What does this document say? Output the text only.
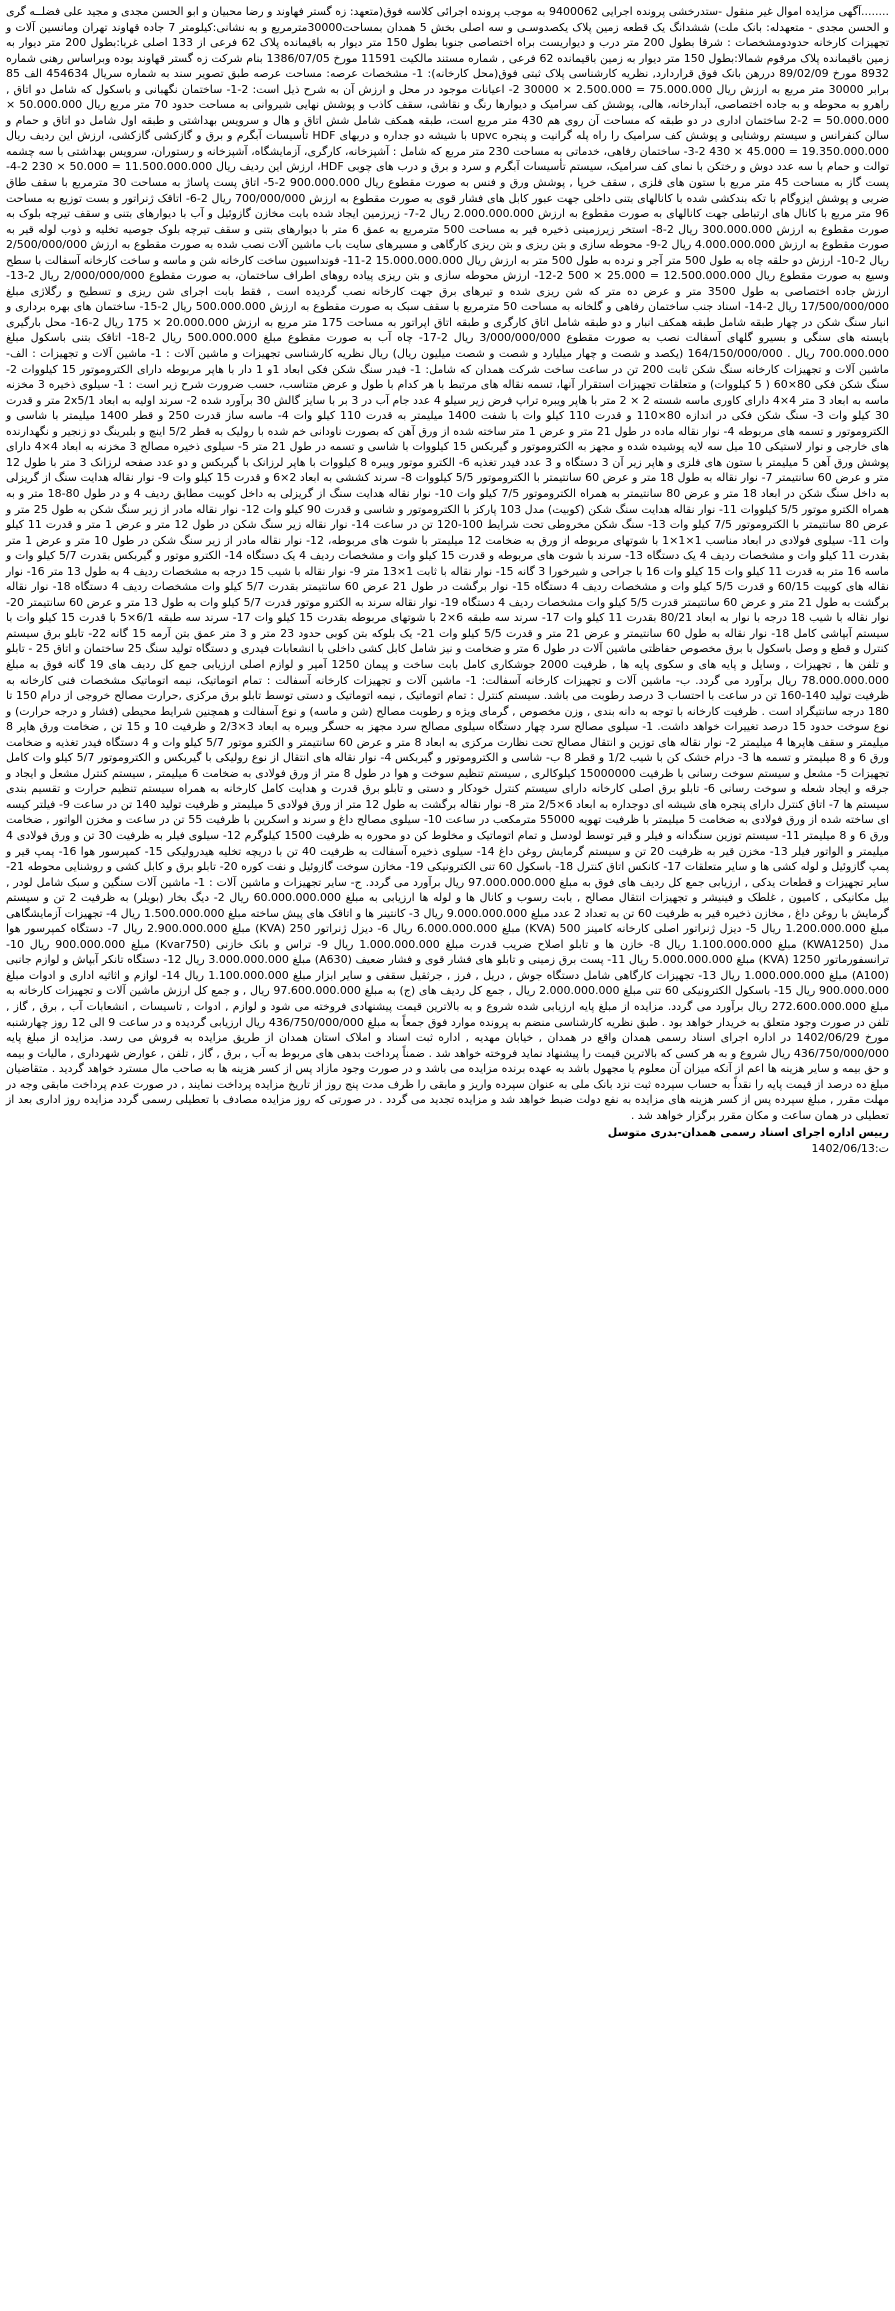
........آگهی مزایده اموال غیر منقول -ستدرخشی پرونده اجرایی 9400062 به موجب پرونده اجرائی کلاسه فوق(متعهد: زه گستر فهاوند و رضا محبیان و ابو الحسن مجدی و مجید علی فضلــه گری و الحسن مجدی - متعهدله: بانک ملت) ششدانگ یک قطعه زمین پلاک یکصدوسـی و سه اصلی بخش 5 همدان بمساحت30000مترمربع و به نشانی:کیلومتر 7 جاده قهاوند تهران ومانسین آلات و تجهیزات کارخانه حدودومشخصات : شرقا بطول 200 متر درب و دیواریست براه اختصاصی جنوبا بطول 150 متر دیوار به باقیمانده پلاک 62 فرعی از 133 اصلی غربا:بطول 200 متر دیوار به زمین باقیمانده پلاک مرقوم شمالا:بطول 150 متر دیوار به زمین باقیمانده 62 فرعی , شماره مستند مالکیت 11591 مورخ 1386/07/05 بنام شرکت زه گستر قهاوند بوده وبراساس رهنی شماره 8932 مورخ 89/02/09 دررهن بانک فوق قراردارد, نظریه کارشناسی پلاک ثبتی فوق(محل کارخانه): 1- مشخصات عرصه: مساحت عرصه طبق تصویر سند به شماره سریال 454634 الف 85 برابر 30000 متر مربع به ارزش ریال 75.000.000 = 2.500.000 × 30000 2- اعیانات موجود در محل و ارزش آن به شرح ذیل است: 2-1- ساختمان نگهبانی و باسکول که شامل دو اتاق , راهرو به محوطه و به جاده اختصاصی، آبدارخانه، هالی، پوشش کف سرامیک و دیوارها رنگ و نقاشی، سقف کاذب و پوشش نهایی شیروانی به مساحت حدود 70 متر مربع ریال 50.000.000 × 50.000.000 = 2-2 ساختمان اداری در دو طبقه که مساحت آن روی هم 430 متر مربع است، طبقه همکف شامل شش اتاق و هال و سرویس بهداشتی و طبقه اول شامل دو اتاق و حمام و سالن کنفرانس و سیستم روشنایی و پوشش کف سرامیک را راه پله گرانیت و پنجره upvc با شیشه دو جداره و دربهای HDF تأسیسات آبگرم و برق و گازکشی گازکشی، ارزش این ردیف ریال 19.350.000.000 = 45.000 × 430 2-3- ساختمان رفاهی، خدماتی به مساحت 230 متر مربع که شامل : آشپزخانه، کارگری، آزمایشگاه، آشپزخانه و رستوران، سرویس بهداشتی با سه چشمه توالت و حمام با سه عدد دوش و رختکن با نمای کف سرامیک، سیستم تأسیسات آبگرم و سرد و برق و درب های چوبی HDF، ارزش این ردیف ریال 11.500.000.000 = 50.000 × 230 2-4- پست گاز به مساحت 45 متر مربع با ستون های فلزی , سقف خرپا , پوشش ورق و فنس به صورت مقطوع ریال 900.000.000 2-5- اتاق پست پاساژ به مساحت 30 مترمربع با سقف طاق ضربی و پوشش ایزوگام با تکه بندکشی شده با کانالهای بتنی داخلی جهت عبور کابل های فشار قوی به صورت مقطوع به ارزش 700/000/000 ریال 2-6- اتاقک ژنراتور و بست توزیع به مساحت 96 متر مربع با کانال های ارتباطی جهت کانالهای به صورت مقطوع به ارزش 2.000.000.000 ریال 2-7- زیرزمین ایجاد شده بابت مخازن گازوئیل و آب با دیوارهای بتنی و سقف تیرچه بلوک به صورت مقطوع به ارزش 300.000.000 ریال 2-8- استخر زیرزمینی ذخیره قیر به مساحت 500 مترمربع به عمق 6 متر با دیوارهای بتنی و سقف تیرچه بلوک جوصیه تخلیه و ذوب لوله قیر به صورت مقطوع به ارزش 4.000.000.000 ریال 2-9- محوطه سازی و بتن ریزی و بتن ریزی کارگاهی و مسیرهای سایت باب ماشین آلات نصب شده به صورت مقطوع به ارزش 2/500/000/000 ریال 2-10- ارزش دو حلقه چاه به طول 500 متر آجر و نرده به طول 500 متر به ارزش ریال 15.000.000.000 2-11- فونداسیون ساخت کارخانه شن و ماسه و ساخت کارخانه آسفالت با سطح وسیع به صورت مقطوع ریال 12.500.000.000 = 25.000 × 500 2-12- ارزش محوطه سازی و بتن ریزی پیاده روهای اطراف ساختمان، به صورت مقطوع 2/000/000/000 ریال 2-13- ارزش جاده اختصاصی به طول 3500 متر و عرض ده متر که شن ریزی شده و تیرهای برق جهت کارخانه نصب گردیده است , فقط بابت اجرای شن ریزی و تسطیح و رگلاژی مبلغ 17/500/000/000 ریال 2-14- اسناد جنب ساختمان رفاهی و گلخانه به مساحت 50 مترمربع با سقف سبک به صورت مقطوع به ارزش 500.000.000 ریال 2-15- ساختمان های بهره برداری و انبار سنگ شکن در چهار طبقه شامل طبقه همکف انبار و دو طبقه شامل اتاق کارگری و طبقه اتاق اپراتور به مساحت 175 متر مربع به ارزش 20.000.000 × 175 ریال 2-16- محل بارگیری بایسته های سنگی و بسیرو گلهای آسفالت نصب به صورت مقطوع 3/000/000/000 ریال 2-17- چاه آب به صورت مقطوع مبلغ 500.000.000 ریال 2-18- اتاقک بتنی باسکول مبلغ 700.000.000 ریال . 164/150/000/000 (یکصد و شصت و چهار میلیارد و شصت و شصت میلیون ریال) ریال نظریه کارشناسی تجهیزات و ماشین آلات : 1- ماشین آلات و تجهیزات : الف- ماشین آلات و تجهیزات کارخانه سنگ شکن ثابت 200 تن در ساعت ساخت شرکت همدان که شامل: 1- فیدر سنگ شکن فکی ابعاد 1و 1 دار با هاپر مربوطه دارای الکتروموتور 15 کیلووات 2- سنگ شکن فکی 80×60 ( 5 کیلووات) و متعلقات تجهیزات استقرار آنها، تسمه نقاله های مرتبط با هر کدام با طول و عرض متناسب، حسب ضرورت شرح زیر است : 1- سیلوی ذخیره 3 مخزنه ماسه به ابعاد 3 متر 4×4 دارای کاوری ماسه شسته 2 × 2 متر با هاپر ویبره تراپ فرض زیر سیلو 4 عدد جام آب در 3 بر با سایز گالش 30 برآورد شده 2- سرند اولیه به ابعاد 2x5/1 متر و قدرت 30 کیلو وات 3- سنگ شکن فکی در اندازه 80×110 و قدرت 110 کیلو وات با شفت 1400 میلیمتر به قدرت 110 کیلو وات 4- ماسه ساز قدرت 250 و قطر 1400 میلیمتر با شاسی و الکتروموتور و تسمه های مربوطه 4- نوار نقاله ماده در طول 21 متر و عرض 1 متر ساخته شده از ورق آهن که بصورت ناودانی خم شده با رولیک به قطر 5/2 اینچ و بلبرینگ دو زنجیر و نگهدارنده های خارجی و نوار لاستیکی 10 میل سه لایه پوشیده شده و مجهز به الکتروموتور و گیربکس 15 کیلووات با شاسی و تسمه در طول 21 متر 5- سیلوی ذخیره مصالح 3 مخزنه به ابعاد 4×4 دارای پوشش ورق آهن 5 میلیمتر با ستون های فلزی و هاپر زیر آن 3 دستگاه و 3 عدد فیدر تغذیه 6- الکترو موتور ویبره 8 کیلووات با هاپر لرزانک با گیربکس و دو عدد صفحه لرزانک 3 متر با طول 12 متر و عرض 60 سانتیمتر 7- نوار نقاله به طول 18 متر و عرض 60 سانتیمتر با الکتروموتور 5/5 کیلووات 8- سرند کششی به ابعاد 2×6 و قدرت 15 کیلو وات 9- نوار نقاله هدایت سنگ از گریزلی به داخل سنگ شکن در ابعاد 18 متر و عرض 80 سانتیمتر به همراه الکتروموتور 7/5 کیلو وات 10- نوار نقاله هدایت سنگ از گریزلی به داخل کوبیت مطابق ردیف 4 و در طول 80-18 متر و به همراه الکترو موتور 5/5 کیلووات 11- نوار نقاله هدایت سنگ شکن (کوبیت) مدل 103 پارکز با الکتروموتور و شاسی و قدرت 90 کیلو وات 12- نوار نقاله مادر از زیر سنگ شکن به طول 25 متر و عرض 80 سانتیمتر با الکتروموتور 7/5 کیلو وات 13- سنگ شکن مخروطی تحت شرایط 100-120 تن در ساعت 14- نوار نقاله زیر سنگ شکن در طول 12 متر و عرض 1 متر و قدرت 11 کیلو وات 11- سیلوی فولادی در ابعاد مناسب 1×1×1 با شوتهای مربوطه از ورق به ضخامت 12 میلیمتر با شوت های مربوطه، 12- نوار نقاله مادر از زیر سنگ شکن در طول 10 متر و عرض 1 متر بقدرت 11 کیلو وات و مشخصات ردیف 4 یک دستگاه 13- سرند با شوت های مربوطه و قدرت 15 کیلو وات و مشخصات ردیف 4 یک دستگاه 14- الکترو موتور و گیربکس بقدرت 5/7 کیلو وات و ماسه 16 متر به قدرت 11 کیلو وات 15 کیلو وات 16 با جراحی و شیرخورا 3 گانه 15- نوار نقاله با ثابت 1×13 متر 9- نوار نقاله با شیب 15 درجه به مشخصات ردیف 4 به طول 13 متر 16- نوار نقاله های کوبیت 60/15 و قدرت 5/5 کیلو وات و مشخصات ردیف 4 دستگاه 15- نوار برگشت در طول 21 عرض 60 سانتیمتر بقدرت 5/7 کیلو وات مشخصات ردیف 4 دستگاه 18- نوار نقاله برگشت به طول 21 متر و عرض 60 سانتیمتر قدرت 5/5 کیلو وات مشخصات ردیف 4 دستگاه 19- نوار نقاله سرند به الکترو موتور قدرت 5/7 کیلو وات به طول 13 متر و عرض 60 سانتیمتر 20- نوار نقاله با شیب 18 درجه با نوار به ابعاد 80/21 بقدرت 11 کیلو وات 17- سرند سه طبقه 6×2 با شوتهای مربوطه بقدرت 15 کیلو وات 17- سرند سه طبقه 6/1×5 با قدرت 15 کیلو وات با سیستم آبپاشی کامل 18- نوار نقاله به طول 60 سانتیمتر و عرض 21 متر و قدرت 5/5 کیلو وات 21- یک بلوکه بتن کوبی حدود 23 متر و 3 متر عمق بتن آرمه 15 گانه 22- تابلو برق سیستم کنترل و قطع و وصل باسکول با برق مخصوص حفاظتی ماشین آلات در طول 6 متر و ضخامت و نیز شامل کابل کشی داخلی با انشعابات فیدری و دستگاه تولید سنگ 25 ساختمان و اتاق 25 - تابلو و تلفن ها , تجهیزات , وسایل و پایه های و سکوی پایه ها , ظرفیت 2000 جوشکاری کامل بابت ساخت و پیمان 1250 آمپر و لوازم اصلی ارزیابی جمع کل ردیف های 19 گانه فوق به مبلغ 78.000.000.000 ریال برآورد می گردد. ب- ماشین آلات و تجهیزات کارخانه آسفالت: 1- ماشین آلات و تجهیزات کارخانه آسفالت : تمام اتوماتیک، نیمه اتوماتیک مشخصات فنی کارخانه به ظرفیت تولید 140-160 تن در ساعت با احتساب 3 درصد رطوبت می باشد. سیستم کنترل : تمام اتوماتیک , نیمه اتوماتیک و دستی توسط تابلو برق مرکزی ,حرارت مصالح خروجی از درام 150 تا 180 درجه سانتیگراد است . ظرفیت کارخانه با توجه به دانه بندی , وزن مخصوص , گرمای ویژه و رطوبت مصالح (شن و ماسه) و نوع آسفالت و همچنین شرایط محیطی (فشار و درجه حرارت) و نوع سوخت حدود 15 درصد تغییرات خواهد داشت. 1- سیلوی مصالح سرد چهار دستگاه سیلوی مصالح سرد مجهز به حسگر ویبره به ابعاد 3×2/3 و ظرفیت 10 و 15 تن , ضخامت ورق هاپر 8 میلیمتر و سقف هاپرها 4 میلیمتر 2- نوار نقاله های توزین و انتقال مصالح تحت نظارت مرکزی به ابعاد 8 متر و عرض 60 سانتیمتر و الکترو موتور 5/7 کیلو وات و 4 دستگاه فیدر تغذیه و ضخامت ورق 6 و 8 میلیمتر و تسمه ها 3- درام خشک کن با شیب 1/2 و قطر 8 ب- شاسی و الکتروموتور و گیربکس 4- نوار نقاله های انتقال از نوع رولیکی با گیربکس و الکتروموتور 5/7 کیلو وات کامل تجهیزات 5- مشعل و سیستم سوخت رسانی با ظرفیت 15000000 کیلوکالری , سیستم تنظیم سوخت و هوا در طول 8 متر از ورق فولادی به ضخامت 6 میلیمتر , سیستم کنترل مشعل و ایجاد و جرقه و ایجاد شعله و سوخت رسانی 6- تابلو برق اصلی کارخانه دارای سیستم کنترل خودکار و دستی و تابلو برق قدرت و هدایت کامل کارخانه به همراه سیستم تنظیم حرارت و تقسیم بندی سیستم ها 7- اتاق کنترل دارای پنجره های شیشه ای دوجداره به ابعاد 6×2/5 متر 8- نوار نقاله برگشت به طول 12 متر از ورق فولادی 5 میلیمتر و ظرفیت تولید 140 تن در ساعت 9- فیلتر کیسه ای ساخته شده از ورق فولادی به ضخامت 5 میلیمتر با ظرفیت تهویه 55000 مترمکعب در ساعت 10- سیلوی مصالح داغ و سرند و اسکرین با ظرفیت 55 تن در ساعت و مخزن الواتور , ضخامت ورق 6 و 8 میلیمتر 11- سیستم توزین سنگدانه و فیلر و قیر توسط لودسل و تمام اتوماتیک و مخلوط کن دو محوره به ظرفیت 1500 کیلوگرم 12- سیلوی فیلر به ظرفیت 30 تن و ورق فولادی 4 میلیمتر و الواتور فیلر 13- مخزن قیر به ظرفیت 20 تن و سیستم گرمایش روغن داغ 14- سیلوی ذخیره آسفالت به ظرفیت 40 تن با دریچه تخلیه هیدرولیکی 15- کمپرسور هوا 16- پمپ قیر و پمپ گازوئیل و لوله کشی ها و سایر متعلقات 17- کانکس اتاق کنترل 18- باسکول 60 تنی الکترونیکی 19- مخازن سوخت گازوئیل و نفت کوره 20- تابلو برق و کابل کشی و روشنایی محوطه 21- سایر تجهیزات و قطعات یدکی , ارزیابی جمع کل ردیف های فوق به مبلغ 97.000.000.000 ریال برآورد می گردد. ج- سایر تجهیزات و ماشین آلات : 1- ماشین آلات سنگین و سبک شامل لودر , بیل مکانیکی , کامیون , غلطک و فینیشر و تجهیزات انتقال مصالح , بابت رسوب و کانال ها و لوله ها ارزیابی به مبلغ 60.000.000.000 ریال 2- دیگ بخار (بویلر) به ظرفیت 2 تن و سیستم گرمایش با روغن داغ , مخازن ذخیره قیر به ظرفیت 60 تن به تعداد 2 عدد مبلغ 9.000.000.000 ریال 3- کانتینر ها و اتاقک های پیش ساخته مبلغ 1.500.000.000 ریال 4- تجهیزات آزمایشگاهی مبلغ 1.200.000.000 ریال 5- دیزل ژنراتور اصلی کارخانه کامینز 500 (KVA) مبلغ 6.000.000.000 ریال 6- دیزل ژنراتور 250 (KVA) مبلغ 2.900.000.000 ریال 7- دستگاه کمپرسور هوا مدل (KWA1250) مبلغ 1.100.000.000 ریال 8- خازن ها و تابلو اصلاح ضریب قدرت مبلغ 1.000.000.000 ریال 9- تراس و بانک خازنی (Kvar750) مبلغ 900.000.000 ریال 10- ترانسفورماتور 1250 (KVA) مبلغ 5.000.000.000 ریال 11- پست برق زمینی و تابلو های فشار قوی و فشار ضعیف (A630) مبلغ 3.000.000.000 ریال 12- دستگاه تانکر آبپاش و لوازم جانبی (A100) مبلغ 1.000.000.000 ریال 13- تجهیزات کارگاهی شامل دستگاه جوش , دریل , فرز , جرثقیل سقفی و سایر ابزار مبلغ 1.100.000.000 ریال 14- لوازم و اثاثیه اداری و ادوات مبلغ 900.000.000 ریال 15- باسکول الکترونیکی 60 تنی مبلغ 2.000.000.000 ریال , جمع کل ردیف های (ج) به مبلغ 97.600.000.000 ریال , و جمع کل ارزش ماشین آلات و تجهیزات کارخانه به مبلغ 272.600.000.000 ریال برآورد می گردد. مزایده از مبلغ پایه ارزیابی شده شروع و به بالاترین قیمت پیشنهادی فروخته می شود و لوازم , ادوات , تاسیسات , انشعابات آب , برق , گاز , تلفن در صورت وجود متعلق به خریدار خواهد بود . طبق نظریه کارشناسی منضم به پرونده موارد فوق جمعاً به مبلغ 436/750/000/000 ریال ارزیابی گردیده و در ساعت 9 الی 12 روز چهارشنبه مورخ 1402/06/29 در اداره اجرای اسناد رسمی همدان واقع در همدان , خیابان مهدیه , اداره ثبت اسناد و املاک استان همدان از طریق مزایده به فروش می رسد. مزایده از مبلغ پایه 436/750/000/000 ریال شروع و به هر کسی که بالاترین قیمت را پیشنهاد نماید فروخته خواهد شد . ضمناً پرداخت بدهی های مربوط به آب , برق , گاز , تلفن , عوارض شهرداری , مالیات و بیمه و حق بیمه و سایر هزینه ها اعم از آنکه میزان آن معلوم یا مجهول باشد به عهده برنده مزایده می باشد و در صورت وجود مازاد پس از کسر هزینه ها به صاحب مال مسترد خواهد گردید . متقاضیان مبلغ ده درصد از قیمت پایه را نقداً به حساب سپرده ثبت نزد بانک ملی به عنوان سپرده واریز و مابقی را ظرف مدت پنج روز از تاریخ مزایده پرداخت نمایند , در صورت عدم پرداخت مابقی وجه در مهلت مقرر , مبلغ سپرده پس از کسر هزینه های مزایده به نفع دولت ضبط خواهد شد و مزایده تجدید می گردد . در صورتی که روز مزایده مصادف با تعطیلی رسمی گردد مزایده روز اداری بعد از تعطیلی در همان ساعت و مکان مقرر برگزار خواهد شد .

رییس اداره اجرای اسناد رسمی همدان-بدری متوسل

1402/06/13:ت
